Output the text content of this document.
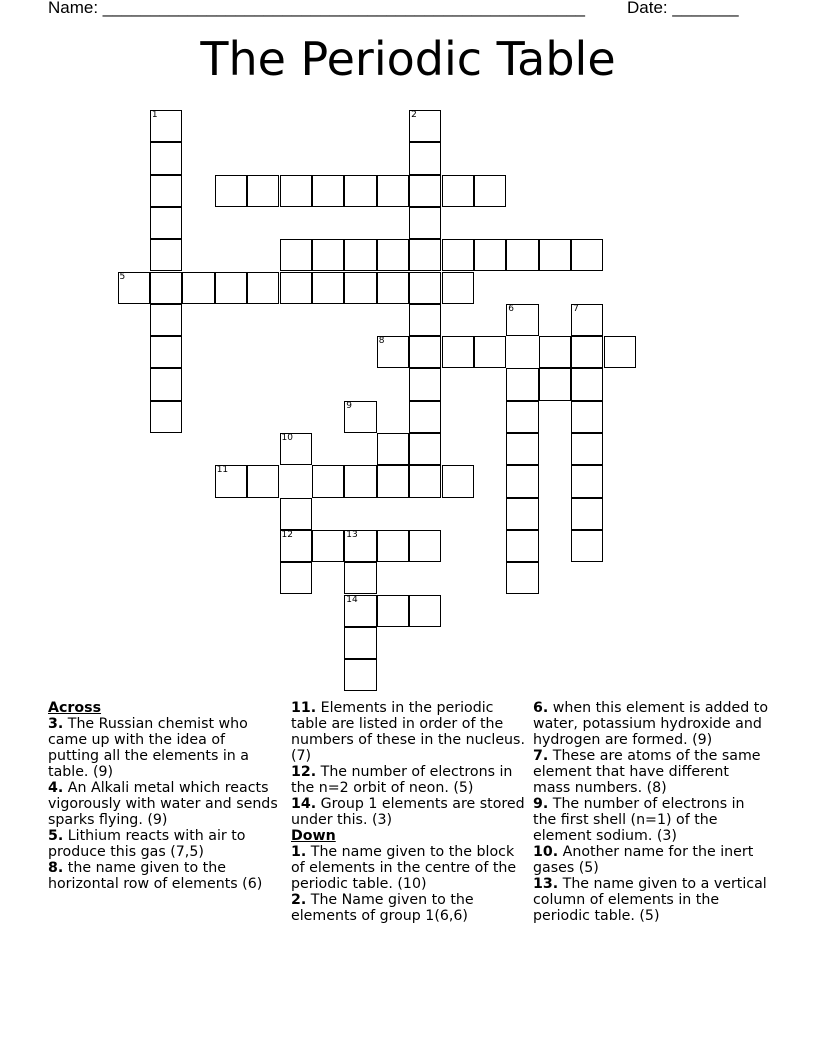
Name: ___________________________________________________ Date: _______
The Periodic Table
1	2
5
6	7
8
9
10
11
12	13
14
Across
3. The Russian chemist who came up with the idea of putting all the elements in a table. (9)
4. An Alkali metal which reacts vigorously with water and sends sparks flying. (9)
5. Lithium reacts with air to produce this gas (7,5)
8. the name given to the horizontal row of elements (6)
11. Elements in the periodic table are listed in order of the numbers of these in the nucleus. (7)
12. The number of electrons in the n=2 orbit of neon. (5)
14. Group 1 elements are stored under this. (3)
Down
1. The name given to the block of elements in the centre of the periodic table. (10)
2. The Name given to the elements of group 1(6,6)
6. when this element is added to water, potassium hydroxide and hydrogen are formed. (9)
7. These are atoms of the same element that have different mass numbers. (8)
9. The number of electrons in the first shell (n=1) of the element sodium. (3)
10. Another name for the inert gases (5)
13. The name given to a vertical column of elements in the periodic table. (5)
